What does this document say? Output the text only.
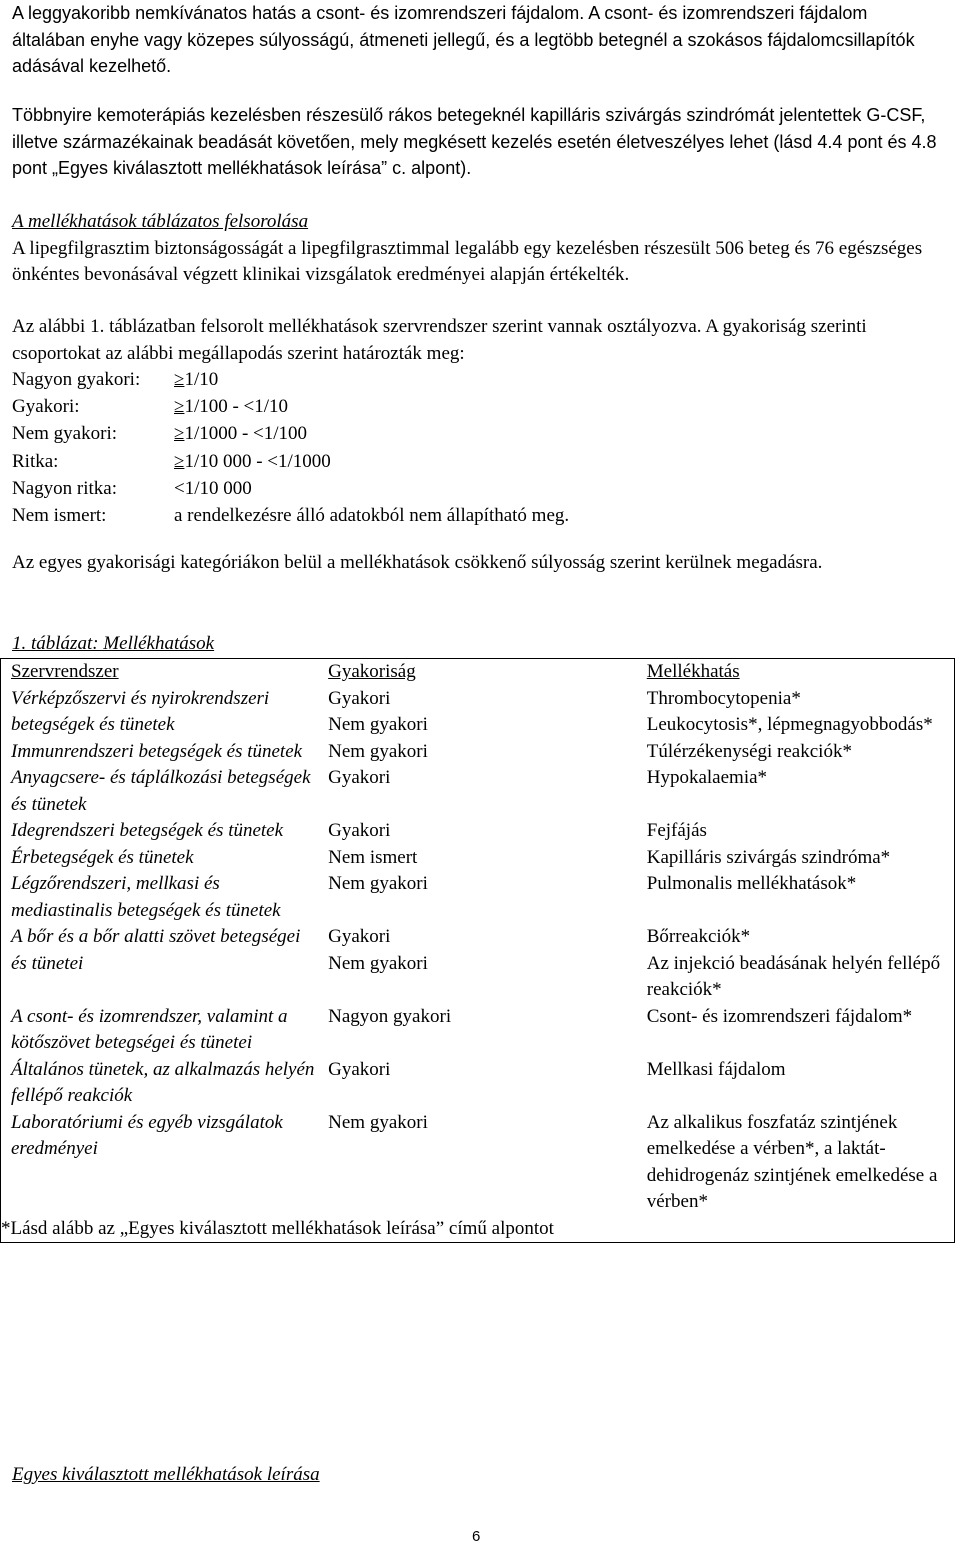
A leggyakoribb nemkívánatos hatás a csont- és izomrendszeri fájdalom. A csont- és izomrendszeri fájdalom általában enyhe vagy közepes súlyosságú, átmeneti jellegű, és a legtöbb betegnél a szokásos fájdalomcsillapítók adásával kezelhető.

Többnyire kemoterápiás kezelésben részesülő rákos betegeknél kapilláris szivárgás szindrómát jelentettek G-CSF, illetve származékainak beadását követően, mely megkésett kezelés esetén életveszélyes lehet (lásd 4.4 pont és 4.8 pont „Egyes kiválasztott mellékhatások leírása” c. alpont).

A mellékhatások táblázatos felsorolása

A lipegfilgrasztim biztonságosságát a lipegfilgrasztimmal legalább egy kezelésben részesült 506 beteg és 76 egészséges önkéntes bevonásával végzett klinikai vizsgálatok eredményei alapján értékelték.

Az alábbi 1. táblázatban felsorolt mellékhatások szervrendszer szerint vannak osztályozva. A gyakoriság szerinti csoportokat az alábbi megállapodás szerint határozták meg:

Nagyon gyakori:	≥1/10
Gyakori:	≥1/100 - <1/10
Nem gyakori:	≥1/1000 - <1/100
Ritka:	≥1/10 000 - <1/1000
Nagyon ritka:	<1/10 000
Nem ismert:	a rendelkezésre álló adatokból nem állapítható meg.

Az egyes gyakorisági kategóriákon belül a mellékhatások csökkenő súlyosság szerint kerülnek megadásra.

1. táblázat: Mellékhatások
Szervrendszer	Gyakoriság	Mellékhatás
Vérképzőszervi és nyirokrendszeri betegségek és tünetek	Gyakori	Thrombocytopenia*
	Nem gyakori	Leukocytosis*, lépmegnagyobbodás*
Immunrendszeri betegségek és tünetek	Nem gyakori	Túlérzékenységi reakciók*
Anyagcsere- és táplálkozási betegségek és tünetek	Gyakori	Hypokalaemia*
Idegrendszeri betegségek és tünetek	Gyakori	Fejfájás
Érbetegségek és tünetek	Nem ismert	Kapilláris szivárgás szindróma*
Légzőrendszeri, mellkasi és mediastinalis betegségek és tünetek	Nem gyakori	Pulmonalis mellékhatások*
A bőr és a bőr alatti szövet betegségei és tünetei	Gyakori	Bőrreakciók*
	Nem gyakori	Az injekció beadásának helyén fellépő reakciók*
A csont- és izomrendszer, valamint a kötőszövet betegségei és tünetei	Nagyon gyakori	Csont- és izomrendszeri fájdalom*
Általános tünetek, az alkalmazás helyén fellépő reakciók	Gyakori	Mellkasi fájdalom
Laboratóriumi és egyéb vizsgálatok eredményei	Nem gyakori	Az alkalikus foszfatáz szintjének emelkedése a vérben*, a laktát-dehidrogenáz szintjének emelkedése a vérben*
*Lásd alább az „Egyes kiválasztott mellékhatások leírása” című alpontot		
Egyes kiválasztott mellékhatások leírása
6
